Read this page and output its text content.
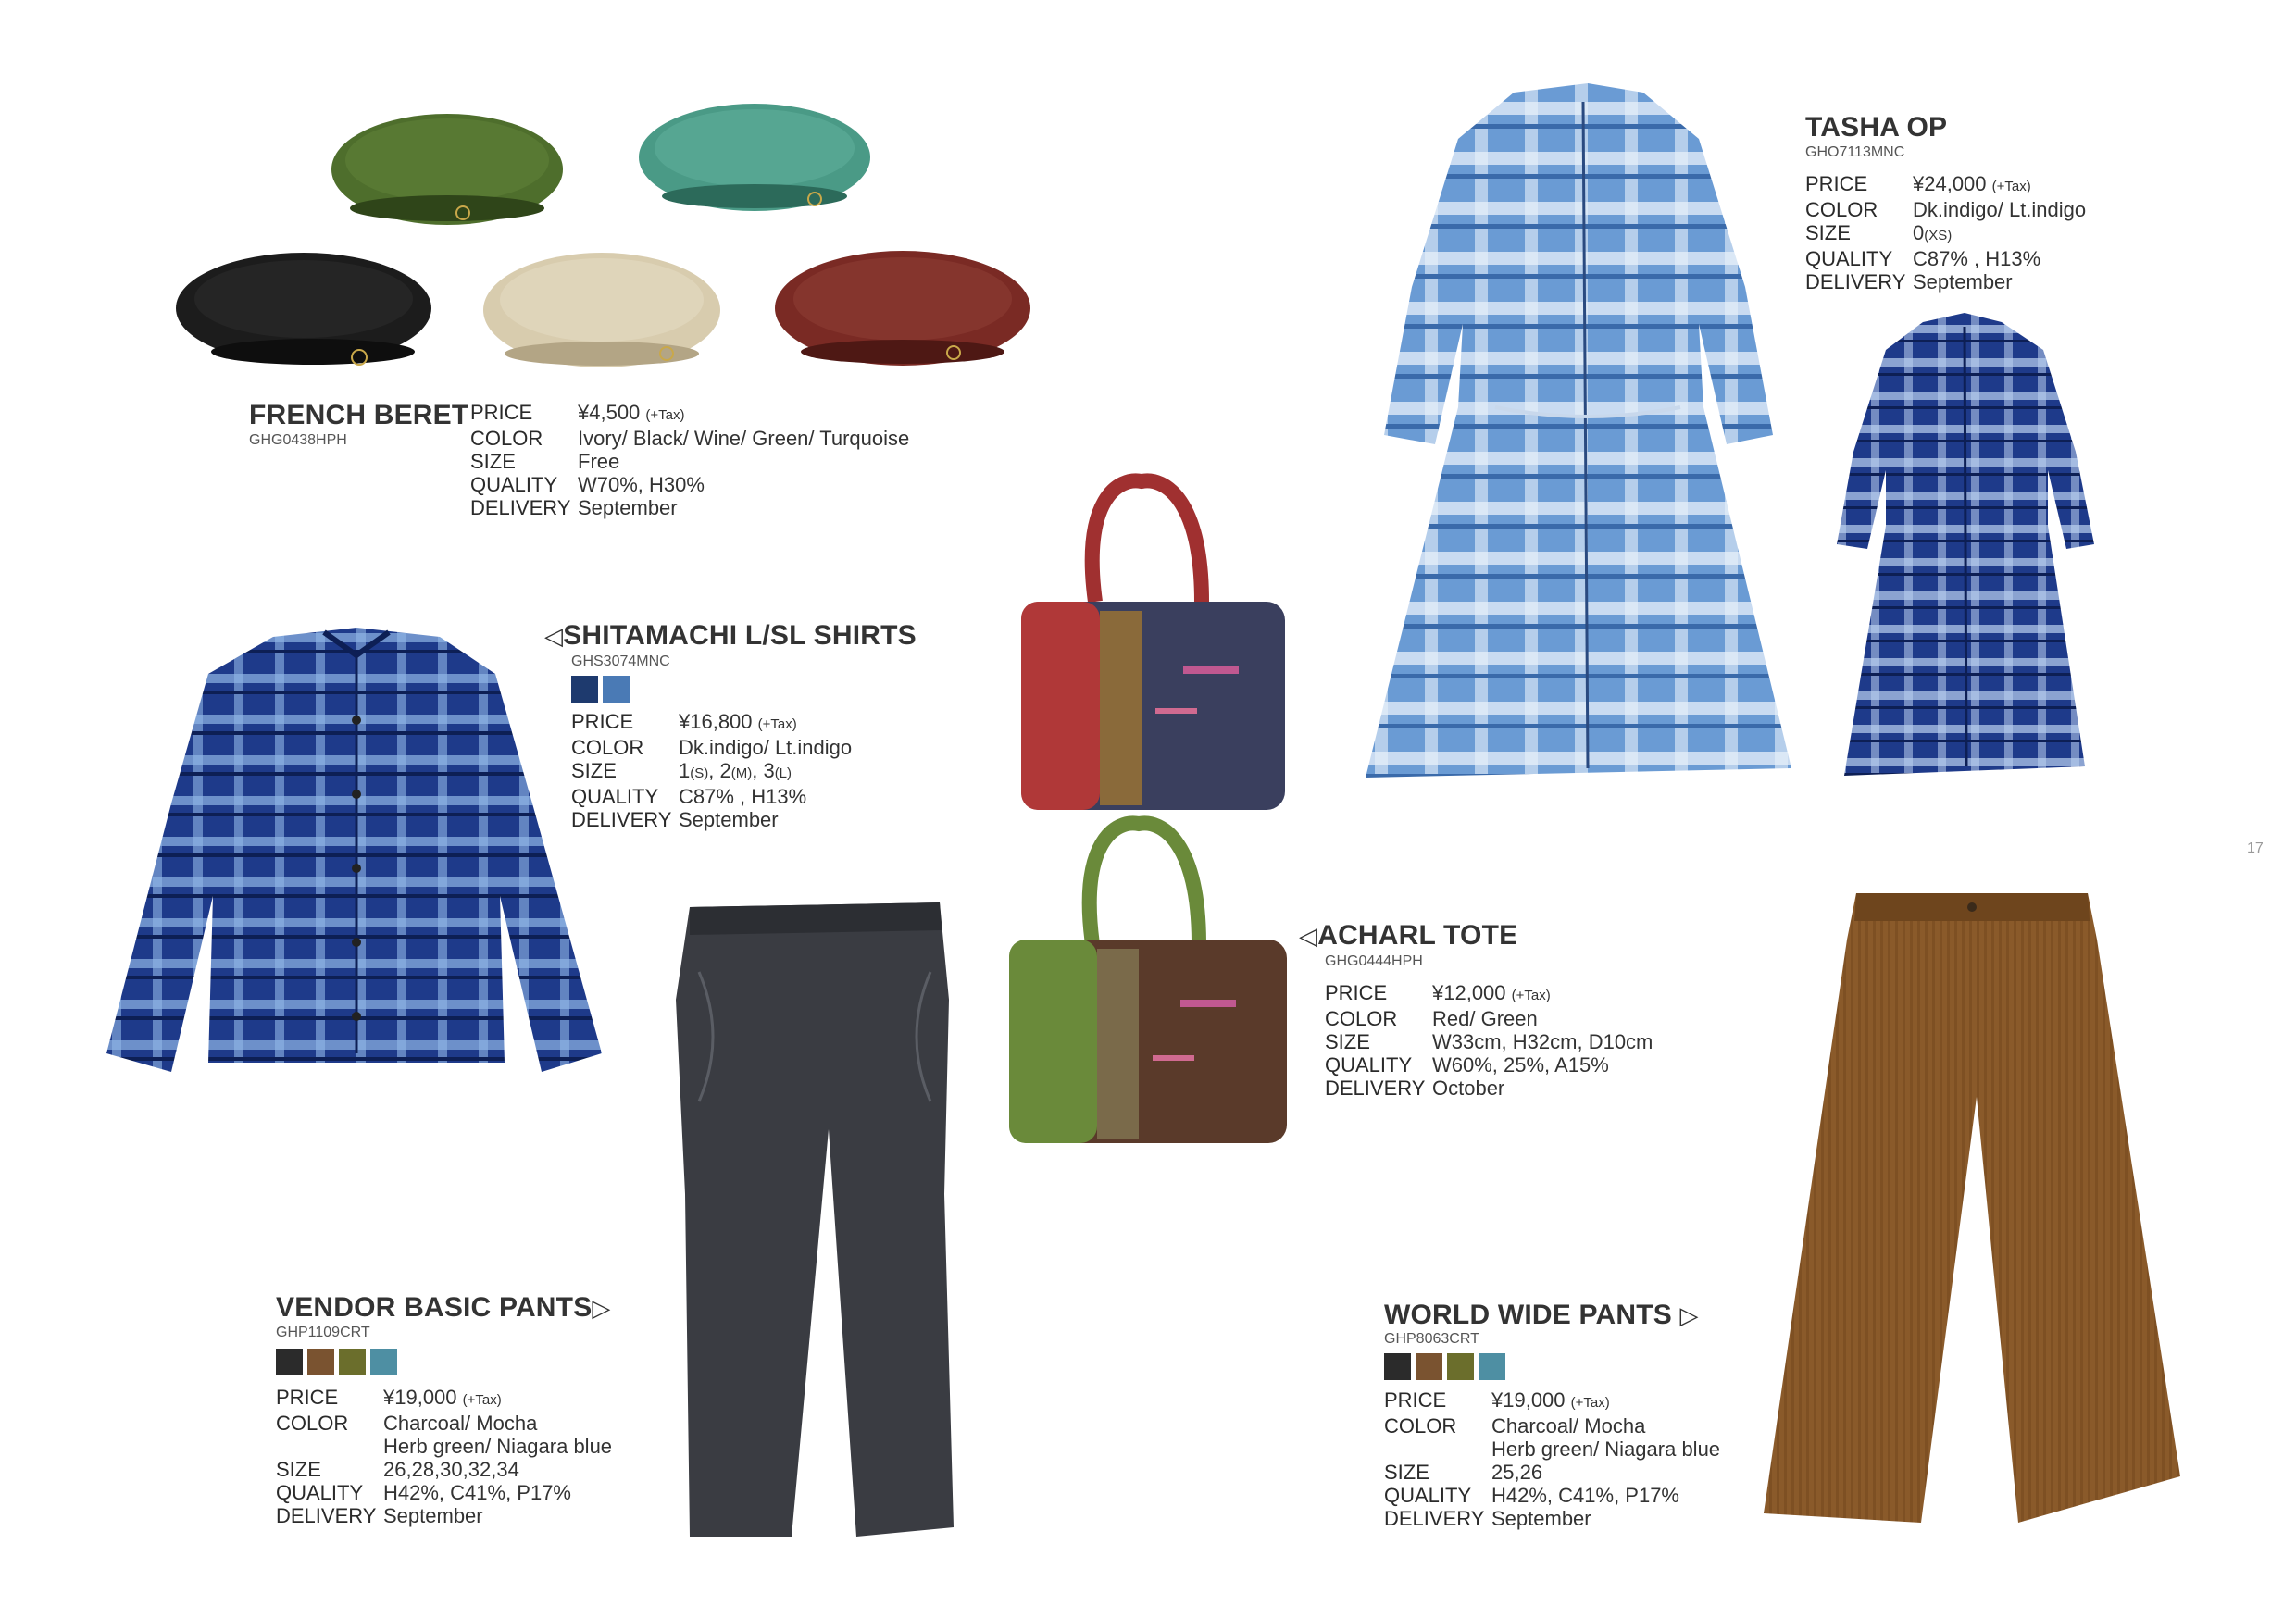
FRENCH BERET
GHG0438HPH
PRICE	¥4,500 (+Tax)
COLOR	Ivory/ Black/ Wine/ Green/ Turquoise
SIZE	Free
QUALITY W70%, H30%
DELIVERY September
◁SHITAMACHI L/SL SHIRTS
GHS3074MNC
PRICE	¥16,800 (+Tax)
COLOR	Dk.indigo/ Lt.indigo
SIZE	1(S), 2(M), 3(L)
QUALITY C87% , H13%
DELIVERY September
◁ACHARL TOTE
GHG0444HPH
PRICE	¥12,000 (+Tax)
COLOR	Red/ Green
SIZE	W33cm, H32cm, D10cm
QUALITY W60%, 25%, A15%
DELIVERY October
TASHA OP
GHO7113MNC
PRICE	¥24,000 (+Tax)
COLOR	Dk.indigo/ Lt.indigo
SIZE	0(XS)
QUALITY C87% , H13%
DELIVERY September
17
VENDOR BASIC PANTS▷
GHP1109CRT
PRICE	¥19,000 (+Tax)
COLOR	Charcoal/ Mocha
Herb green/ Niagara blue
SIZE	26,28,30,32,34
QUALITY H42%, C41%, P17%
DELIVERY September
WORLD WIDE PANTS ▷
GHP8063CRT
PRICE	¥19,000 (+Tax)
COLOR	Charcoal/ Mocha
Herb green/ Niagara blue
SIZE	25,26
QUALITY H42%, C41%, P17%
DELIVERY September
